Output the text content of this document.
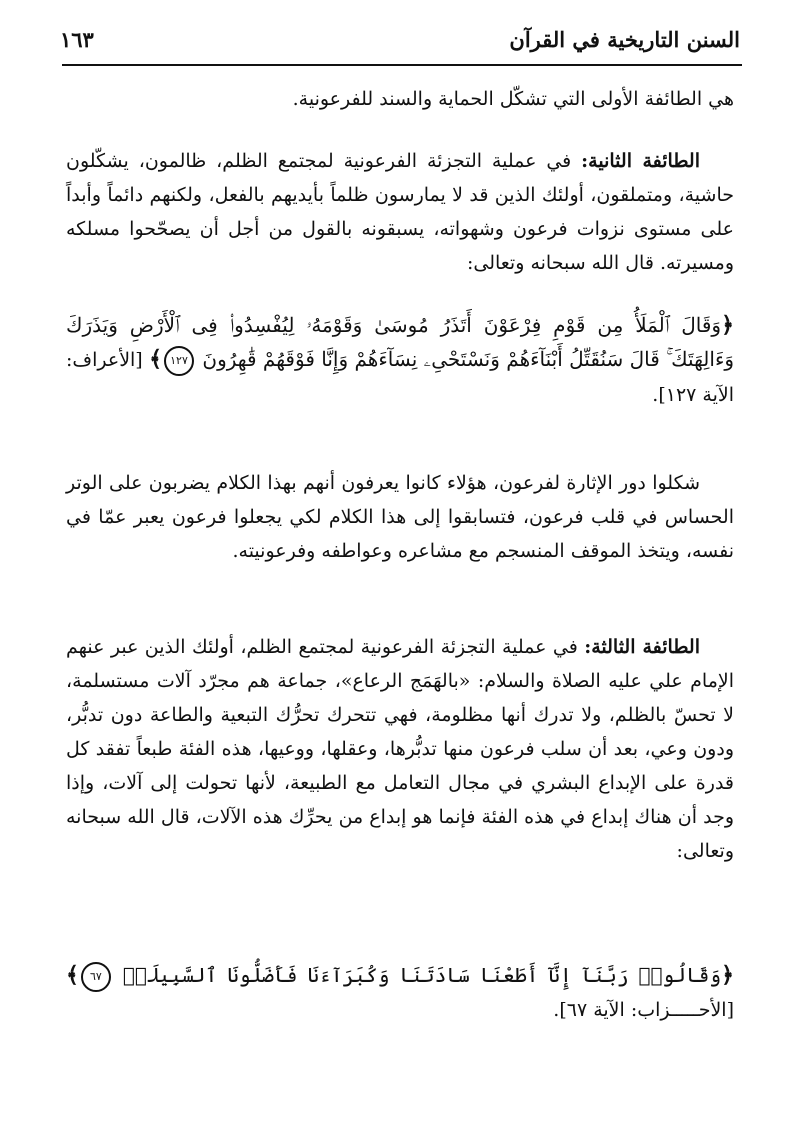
١٦٣	السنن التاريخية في القرآن

هي الطائفة الأولى التي تشكّل الحماية والسند للفرعونية.

الطائفة الثانية: في عملية التجزئة الفرعونية لمجتمع الظلم، ظالمون، يشكّلون حاشية، ومتملقون، أولئك الذين قد لا يمارسون ظلماً بأيديهم بالفعل، ولكنهم دائماً وأبداً على مستوى نزوات فرعون وشهواته، يسبقونه بالقول من أجل أن يصحّحوا مسلكه ومسيرته. قال الله سبحانه وتعالى:

﴿وَقَالَ ٱلْمَلَأُ مِن قَوْمِ فِرْعَوْنَ أَتَذَرُ مُوسَىٰ وَقَوْمَهُۥ لِيُفْسِدُوا۟ فِى ٱلْأَرْضِ وَيَذَرَكَ وَءَالِهَتَكَ ۚ قَالَ سَنُقَتِّلُ أَبْنَآءَهُمْ وَنَسْتَحْىِۦ نِسَآءَهُمْ وَإِنَّا فَوْقَهُمْ قَٰهِرُونَ ١٢٧﴾ [الأعراف: الآية ١٢٧].

شكلوا دور الإثارة لفرعون، هؤلاء كانوا يعرفون أنهم بهذا الكلام يضربون على الوتر الحساس في قلب فرعون، فتسابقوا إلى هذا الكلام لكي يجعلوا فرعون يعبر عمّا في نفسه، ويتخذ الموقف المنسجم مع مشاعره وعواطفه وفرعونيته.

الطائفة الثالثة: في عملية التجزئة الفرعونية لمجتمع الظلم، أولئك الذين عبر عنهم الإمام علي عليه الصلاة والسلام: «بالهَمَج الرعاع»، جماعة هم مجرّد آلات مستسلمة، لا تحسّ بالظلم، ولا تدرك أنها مظلومة، فهي تتحرك تحرُّك التبعية والطاعة دون تدبُّر، ودون وعي، بعد أن سلب فرعون منها تدبُّرها، وعقلها، ووعيها، هذه الفئة طبعاً تفقد كل قدرة على الإبداع البشري في مجال التعامل مع الطبيعة، لأنها تحولت إلى آلات، وإذا وجد أن هناك إبداع في هذه الفئة فإنما هو إبداع من يحرِّك هذه الآلات، قال الله سبحانه وتعالى:

﴿وَقَالُوا۟ رَبَّنَآ إِنَّآ أَطَعْنَا سَادَتَنَا وَكُبَرَآءَنَا فَأَضَلُّونَا ٱلسَّبِيلَا۠ ٦٧﴾ [الأحـــــزاب: الآية ٦٧].
